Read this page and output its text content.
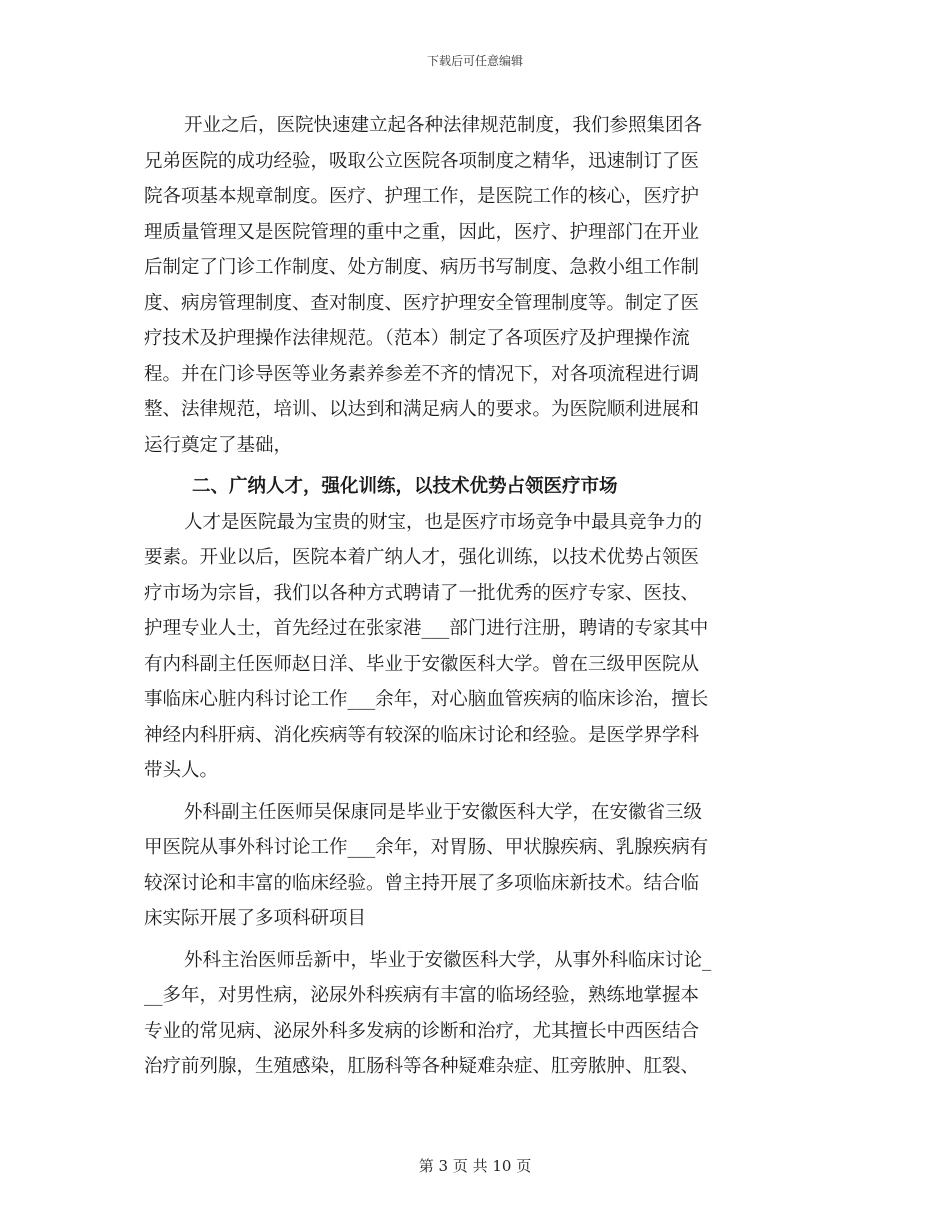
下载后可任意编辑
开业之后，医院快速建立起各种法律规范制度，我们参照集团各
兄弟医院的成功经验，吸取公立医院各项制度之精华，迅速制订了医
院各项基本规章制度。医疗、护理工作，是医院工作的核心，医疗护
理质量管理又是医院管理的重中之重，因此，医疗、护理部门在开业
后制定了门诊工作制度、处方制度、病历书写制度、急救小组工作制
度、病房管理制度、查对制度、医疗护理安全管理制度等。制定了医
疗技术及护理操作法律规范。（范本）制定了各项医疗及护理操作流
程。并在门诊导医等业务素养参差不齐的情况下，对各项流程进行调
整、法律规范，培训、以达到和满足病人的要求。为医院顺利进展和
运行奠定了基础，
二、广纳人才，强化训练，以技术优势占领医疗市场
人才是医院最为宝贵的财宝，也是医疗市场竞争中最具竞争力的
要素。开业以后，医院本着广纳人才，强化训练，以技术优势占领医
疗市场为宗旨，我们以各种方式聘请了一批优秀的医疗专家、医技、
护理专业人士，首先经过在张家港___部门进行注册，聘请的专家其中
有内科副主任医师赵日洋、毕业于安徽医科大学。曾在三级甲医院从
事临床心脏内科讨论工作___余年，对心脑血管疾病的临床诊治，擅长
神经内科肝病、消化疾病等有较深的临床讨论和经验。是医学界学科
带头人。
外科副主任医师吴保康同是毕业于安徽医科大学，在安徽省三级
甲医院从事外科讨论工作___余年，对胃肠、甲状腺疾病、乳腺疾病有
较深讨论和丰富的临床经验。曾主持开展了多项临床新技术。结合临
床实际开展了多项科研项目
外科主治医师岳新中，毕业于安徽医科大学，从事外科临床讨论_
__多年，对男性病，泌尿外科疾病有丰富的临场经验，熟练地掌握本
专业的常见病、泌尿外科多发病的诊断和治疗，尤其擅长中西医结合
治疗前列腺，生殖感染，肛肠科等各种疑难杂症、肛旁脓肿、肛裂、
第 3 页 共 10 页
